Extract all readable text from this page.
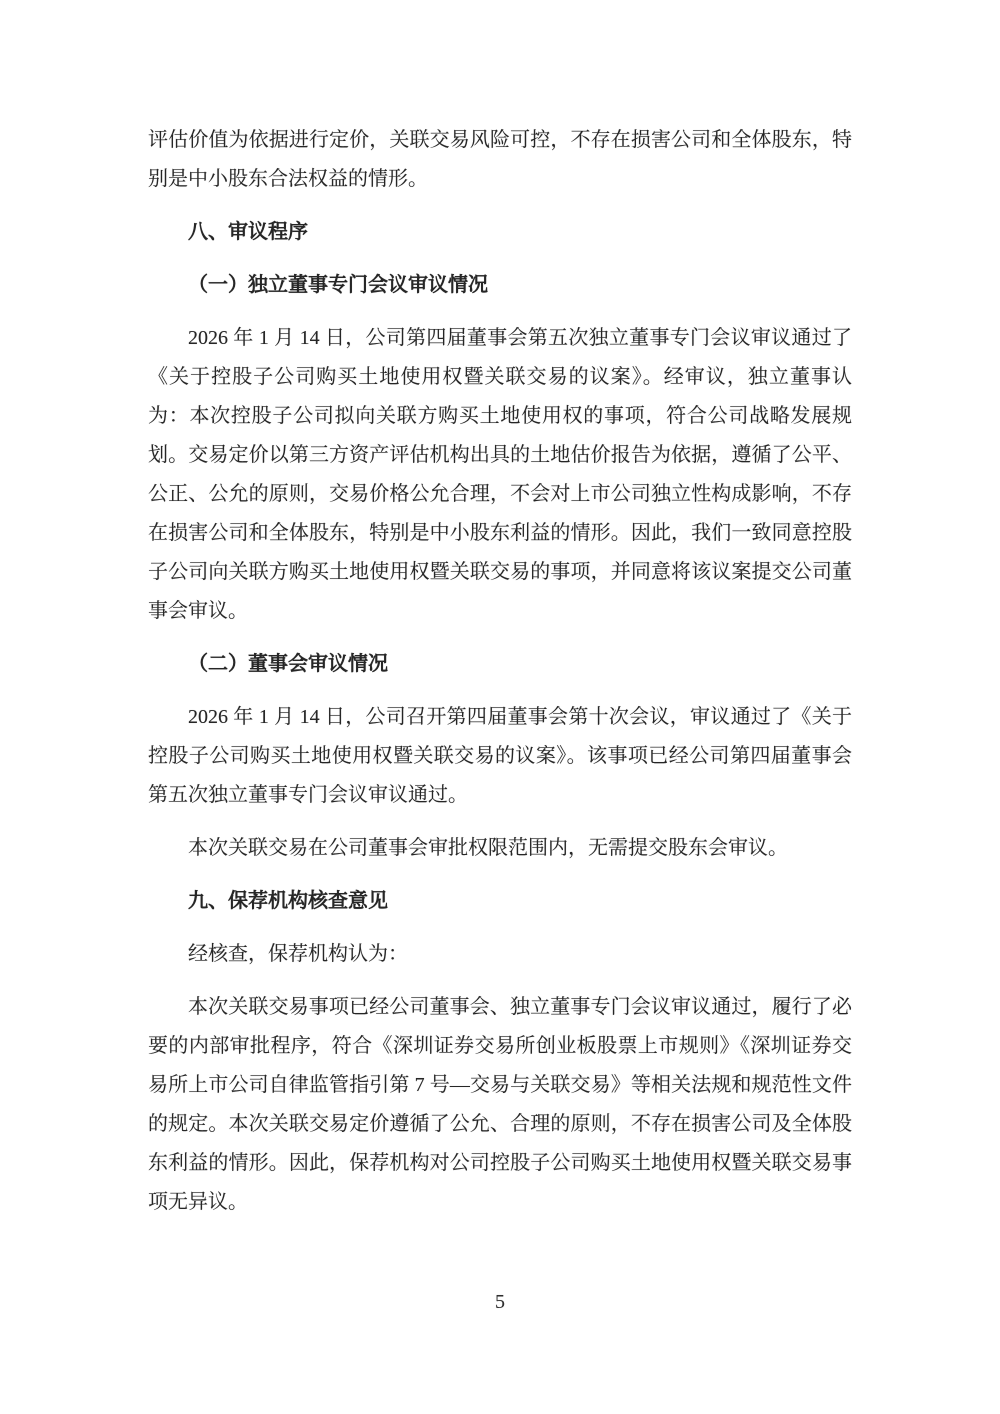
评估价值为依据进行定价，关联交易风险可控，不存在损害公司和全体股东，特别是中小股东合法权益的情形。

八、审议程序

（一）独立董事专门会议审议情况

2026 年 1 月 14 日，公司第四届董事会第五次独立董事专门会议审议通过了《关于控股子公司购买土地使用权暨关联交易的议案》。经审议，独立董事认为：本次控股子公司拟向关联方购买土地使用权的事项，符合公司战略发展规划。交易定价以第三方资产评估机构出具的土地估价报告为依据，遵循了公平、公正、公允的原则，交易价格公允合理，不会对上市公司独立性构成影响，不存在损害公司和全体股东，特别是中小股东利益的情形。因此，我们一致同意控股子公司向关联方购买土地使用权暨关联交易的事项，并同意将该议案提交公司董事会审议。

（二）董事会审议情况

2026 年 1 月 14 日，公司召开第四届董事会第十次会议，审议通过了《关于控股子公司购买土地使用权暨关联交易的议案》。该事项已经公司第四届董事会第五次独立董事专门会议审议通过。

本次关联交易在公司董事会审批权限范围内，无需提交股东会审议。

九、保荐机构核查意见

经核查，保荐机构认为：

本次关联交易事项已经公司董事会、独立董事专门会议审议通过，履行了必要的内部审批程序，符合《深圳证券交易所创业板股票上市规则》《深圳证券交易所上市公司自律监管指引第 7 号—交易与关联交易》等相关法规和规范性文件的规定。本次关联交易定价遵循了公允、合理的原则，不存在损害公司及全体股东利益的情形。因此，保荐机构对公司控股子公司购买土地使用权暨关联交易事项无异议。

5
